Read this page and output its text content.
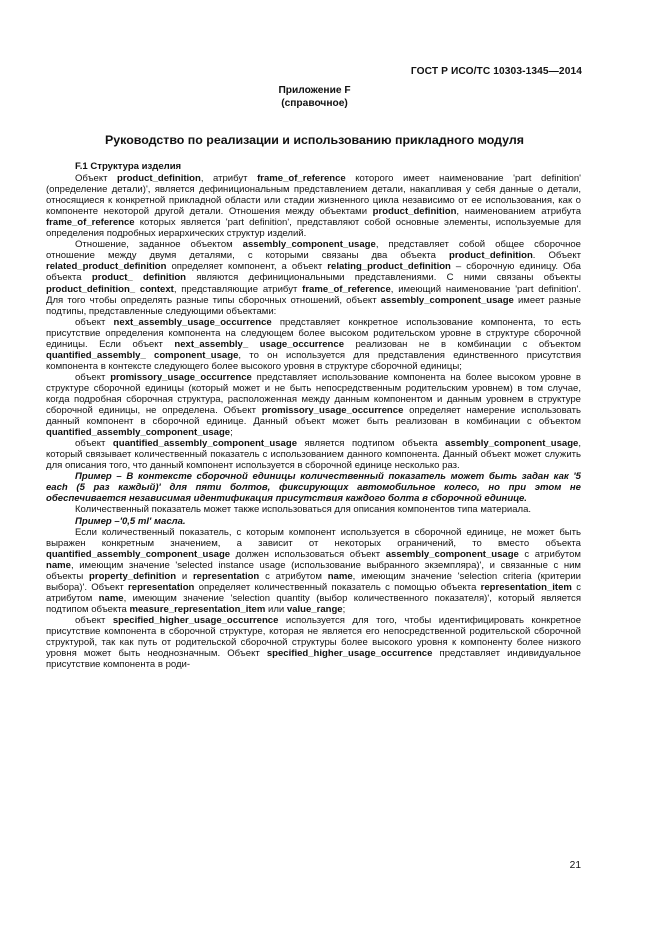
ГОСТ Р ИСО/ТС 10303-1345—2014
Приложение F
(справочное)
Руководство по реализации и использованию прикладного модуля

F.1 Структура изделия

Объект product_definition, атрибут frame_of_reference которого имеет наименование 'part definition' (определение детали)', является дефинициональным представлением детали, накапливая у себя данные о детали, относящиеся к конкретной прикладной области или стадии жизненного цикла независимо от ее использования, как о компоненте некоторой другой детали. Отношения между объектами product_definition, наименованием атрибута frame_of_reference которых является 'part definition', представляют собой основные элементы, используемые для определения подробных иерархических структур изделий.

Отношение, заданное объектом assembly_component_usage, представляет собой общее сборочное отношение между двумя деталями, с которыми связаны два объекта product_definition. Объект related_product_definition определяет компонент, а объект relating_product_definition – сборочную единицу. Оба объекта product_ definition являются дефинициональными представлениями. С ними связаны объекты product_definition_ context, представляющие атрибут frame_of_reference, имеющий наименование 'part definition'. Для того чтобы определять разные типы сборочных отношений, объект assembly_component_usage имеет разные подтипы, представленные следующими объектами:

объект next_assembly_usage_occurrence представляет конкретное использование компонента, то есть присутствие определения компонента на следующем более высоком родительском уровне в структуре сборочной единицы. Если объект next_assembly_ usage_occurrence реализован не в комбинации с объектом quantified_assembly_ component_usage, то он используется для представления единственного присутствия компонента в контексте следующего более высокого уровня в структуре сборочной единицы;

объект promissory_usage_occurrence представляет использование компонента на более высоком уровне в структуре сборочной единицы (который может и не быть непосредственным родительским уровнем) в том случае, когда подробная сборочная структура, расположенная между данным компонентом и данным уровнем в структуре сборочной единицы, не определена. Объект promissory_usage_occurrence определяет намерение использовать данный компонент в сборочной единице. Данный объект может быть реализован в комбинации с объектом quantified_assembly_component_usage;

объект quantified_assembly_component_usage является подтипом объекта assembly_component_usage, который связывает количественный показатель с использованием данного компонента. Данный объект может служить для описания того, что данный компонент используется в сборочной единице несколько раз.

Пример – В контексте сборочной единицы количественный показатель может быть задан как '5 each (5 раз каждый)' для пяти болтов, фиксирующих автомобильное колесо, но при этом не обеспечивается независимая идентификация присутствия каждого болта в сборочной единице.

Количественный показатель может также использоваться для описания компонентов типа материала.

Пример –'0,5 ml' масла.

Если количественный показатель, с которым компонент используется в сборочной единице, не может быть выражен конкретным значением, а зависит от некоторых ограничений, то вместо объекта quantified_assembly_component_usage должен использоваться объект assembly_component_usage с атрибутом name, имеющим значение 'selected instance usage (использование выбранного экземпляра)', и связанные с ним объекты property_definition и representation с атрибутом name, имеющим значение 'selection criteria (критерии выбора)'. Объект representation определяет количественный показатель с помощью объекта representation_item с атрибутом name, имеющим значение 'selection quantity (выбор количественного показателя)', который является подтипом объекта measure_representation_item или value_range;

объект specified_higher_usage_occurrence используется для того, чтобы идентифицировать конкретное присутствие компонента в сборочной структуре, которая не является его непосредственной родительской сборочной структурой, так как путь от родительской сборочной структуры более высокого уровня к компоненту более низкого уровня может быть неоднозначным. Объект specified_higher_usage_occurrence представляет индивидуальное присутствие компонента в роди-

21
